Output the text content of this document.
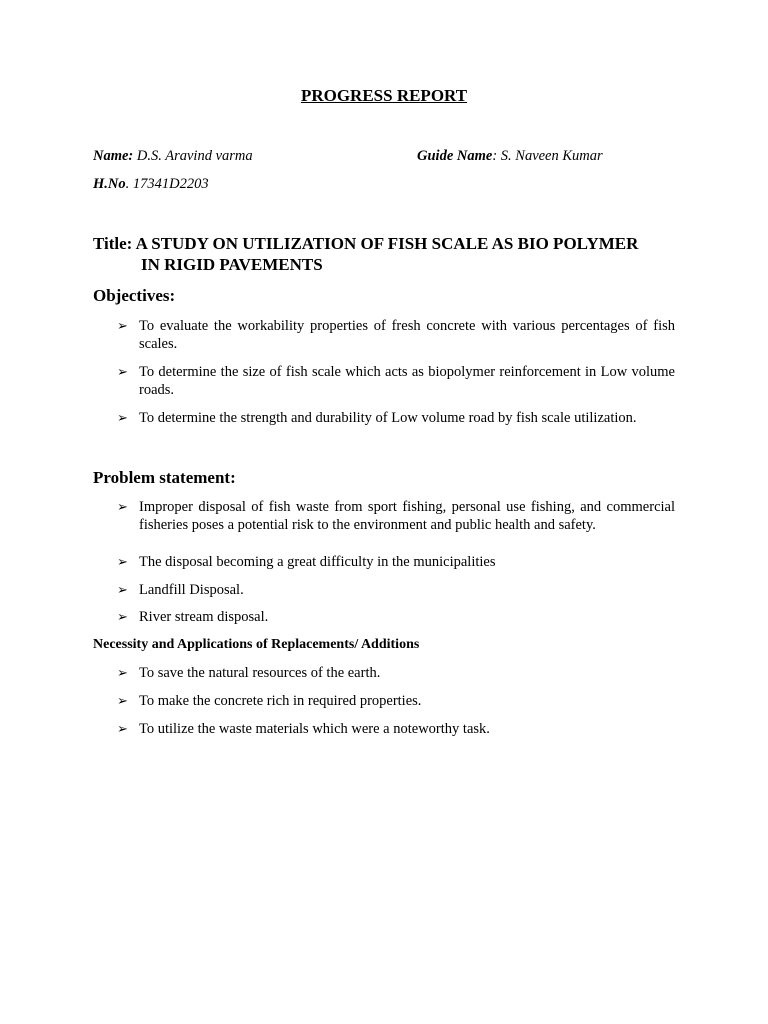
PROGRESS REPORT
Name: D.S. Aravind varma	Guide Name: S. Naveen Kumar
H.No. 17341D2203
Title: A STUDY ON UTILIZATION OF FISH SCALE AS BIO POLYMER
IN RIGID PAVEMENTS
Objectives:
➢ To evaluate the workability properties of fresh concrete with various percentages of fish scales.
➢ To determine the size of fish scale which acts as biopolymer reinforcement in Low volume roads.
➢ To determine the strength and durability of Low volume road by fish scale utilization.
Problem statement:
➢ Improper disposal of fish waste from sport fishing, personal use fishing, and commercial fisheries poses a potential risk to the environment and public health and safety.
➢ The disposal becoming a great difficulty in the municipalities
➢ Landfill Disposal.
➢ River stream disposal.
Necessity and Applications of Replacements/ Additions
➢ To save the natural resources of the earth.
➢ To make the concrete rich in required properties.
➢ To utilize the waste materials which were a noteworthy task.
